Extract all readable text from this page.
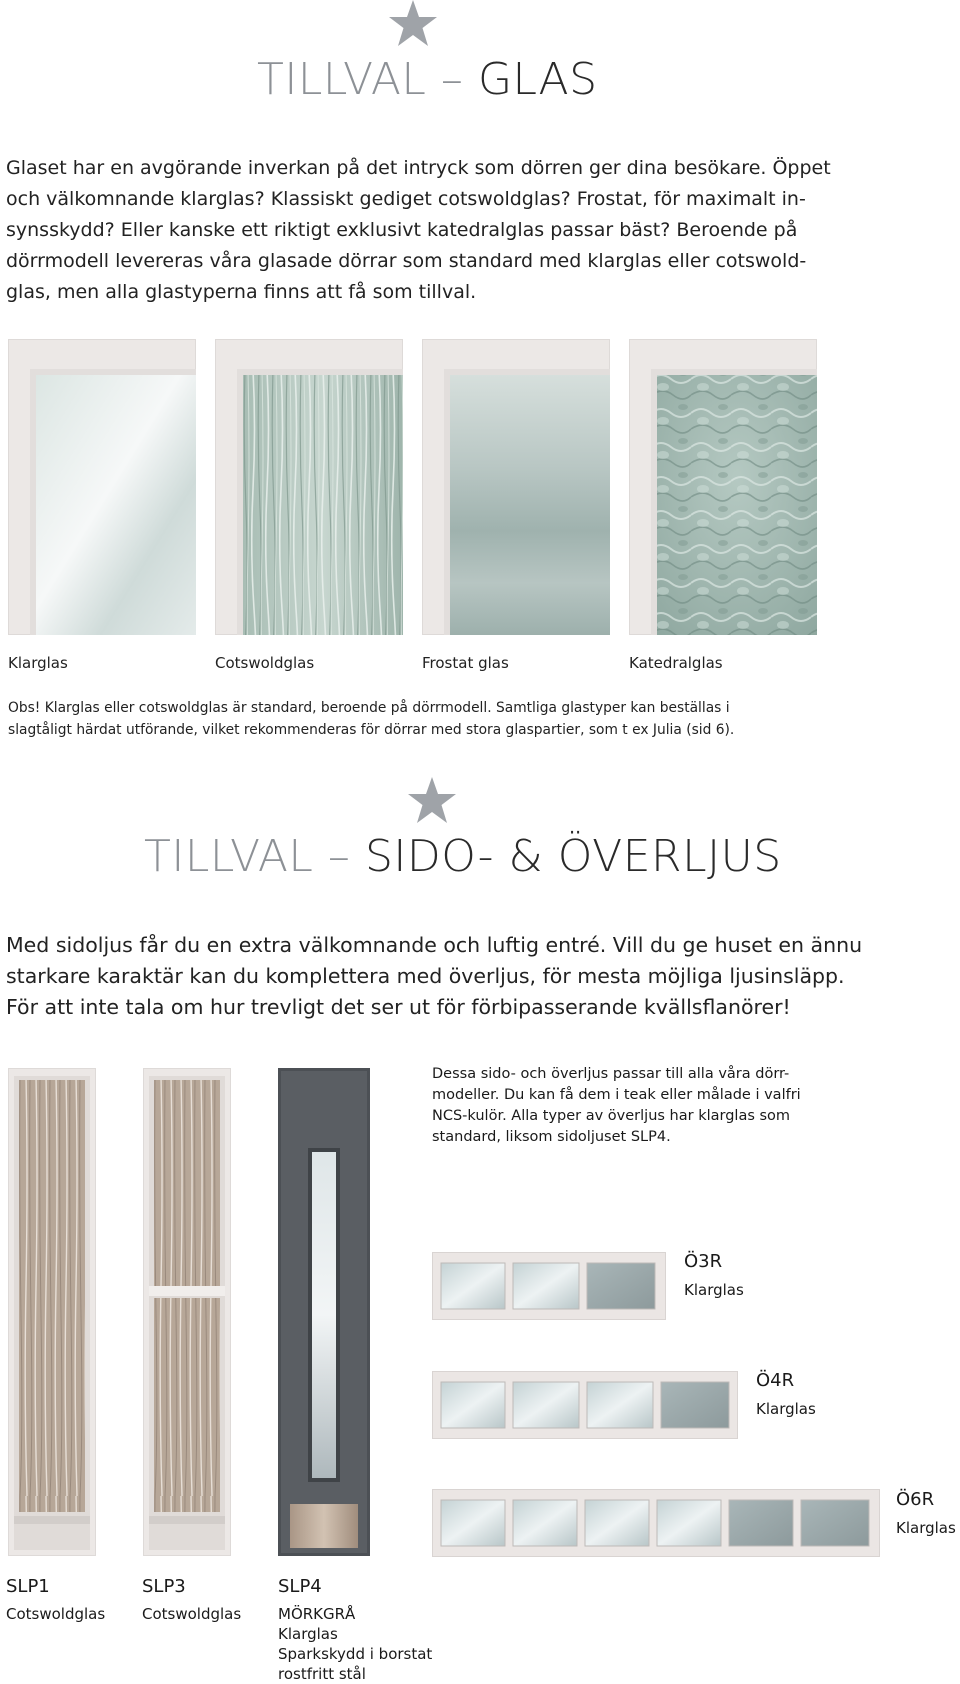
TILLVAL – GLAS
Glaset har en avgörande inverkan på det intryck som dörren ger dina besökare. Öppet
och välkomnande klarglas? Klassiskt gediget cotswoldglas? Frostat, för maximalt in-
synsskydd? Eller kanske ett riktigt exklusivt katedralglas passar bäst? Beroende på
dörrmodell levereras våra glasade dörrar som standard med klarglas eller cotswold-
glas, men alla glastyperna finns att få som tillval.
Klarglas	Cotswoldglas	Frostat glas	Katedralglas
Obs! Klarglas eller cotswoldglas är standard, beroende på dörrmodell. Samtliga glastyper kan beställas i
slagtåligt härdat utförande, vilket rekommenderas för dörrar med stora glaspartier, som t ex Julia (sid 6).
TILLVAL – SIDO- & ÖVERLJUS
Med sidoljus får du en extra välkomnande och luftig entré. Vill du ge huset en ännu
starkare karaktär kan du komplettera med överljus, för mesta möjliga ljusinsläpp.
För att inte tala om hur trevligt det ser ut för förbipasserande kvällsflanörer!
SLP1
Cotswoldglas
SLP3
Cotswoldglas
SLP4
MÖRKGRÅ
Klarglas
Sparkskydd i borstat
rostfritt stål
Dessa sido- och överljus passar till alla våra dörr-
modeller. Du kan få dem i teak eller målade i valfri
NCS-kulör. Alla typer av överljus har klarglas som
standard, liksom sidoljuset SLP4.
Ö3R
Klarglas
Ö4R
Klarglas
Ö6R
Klarglas
